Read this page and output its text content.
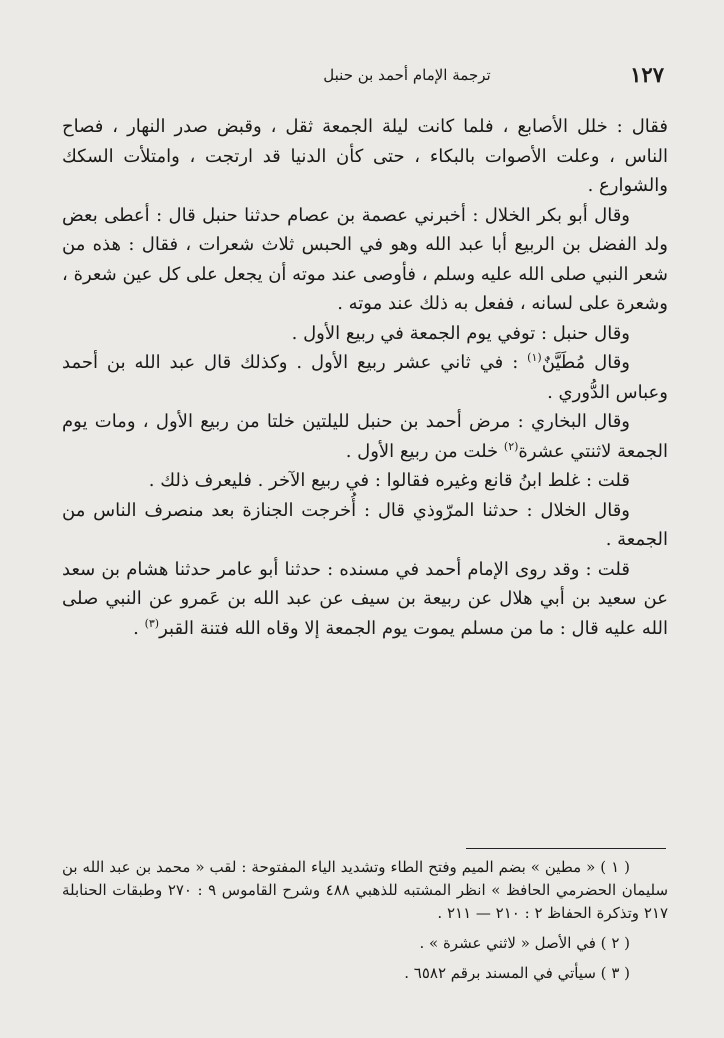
١٢٧
ترجمة الإمام أحمد بن حنبل

فقال : خلل الأصابع ، فلما كانت ليلة الجمعة ثقل ، وقبض صدر النهار ، فصاح الناس ، وعلت الأصوات بالبكاء ، حتى كأن الدنيا قد ارتجت ، وامتلأت السكك والشوارع .

وقال أبو بكر الخلال : أخبرني عصمة بن عصام حدثنا حنبل قال : أعطى بعض ولد الفضل بن الربيع أبا عبد الله وهو في الحبس ثلاث شعرات ، فقال : هذه من شعر النبي صلى الله عليه وسلم ، فأوصى عند موته أن يجعل على كل عين شعرة ، وشعرة على لسانه ، ففعل به ذلك عند موته .

وقال حنبل : توفي يوم الجمعة في ربيع الأول .

وقال مُطَيَّنٌ$^{(١)}$ : في ثاني عشر ربيع الأول . وكذلك قال عبد الله بن أحمد وعباس الدُّوري .

وقال البخاري : مرض أحمد بن حنبل لليلتين خلتا من ربيع الأول ، ومات يوم الجمعة لاثنتي عشرة$^{(٢)}$ خلت من ربيع الأول .

قلت : غلط ابنُ قانع وغيره فقالوا : في ربيع الآخر . فليعرف ذلك .

وقال الخلال : حدثنا المرّوذي قال : أُخرجت الجنازة بعد منصرف الناس من الجمعة .

قلت : وقد روى الإمام أحمد في مسنده : حدثنا أبو عامر حدثنا هشام بن سعد عن سعيد بن أبي هلال عن ربيعة بن سيف عن عبد الله بن عَمرو عن النبي صلى الله عليه قال : ما من مسلم يموت يوم الجمعة إلا وقاه الله فتنة القبر$^{(٣)}$ .

( ١ ) « مطين » بضم الميم وفتح الطاء وتشديد الياء المفتوحة : لقب « محمد بن عبد الله بن سليمان الحضرمي الحافظ » انظر المشتبه للذهبي ٤٨٨ وشرح القاموس ٩ : ٢٧٠ وطبقات الحنابلة ٢١٧ وتذكرة الحفاظ ٢ : ٢١٠ — ٢١١ .

( ٢ ) في الأصل « لاثني عشرة » .

( ٣ ) سيأتي في المسند برقم ٦٥٨٢ .
